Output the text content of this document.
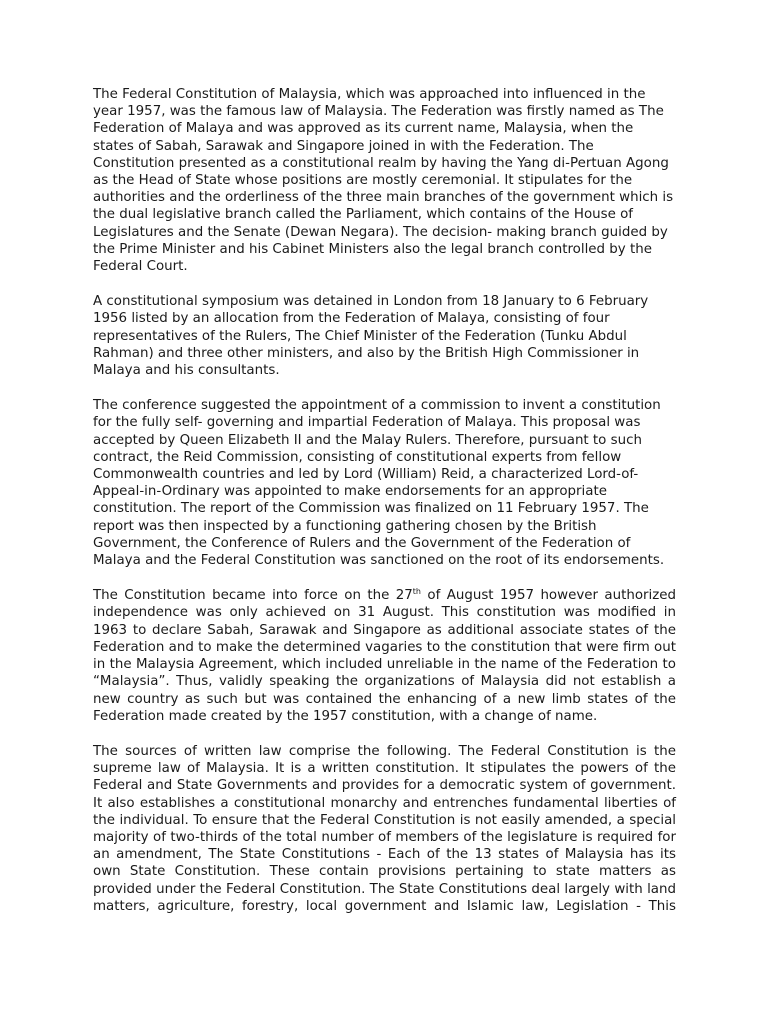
The Federal Constitution of Malaysia, which was approached into influenced in the year 1957, was the famous law of Malaysia. The Federation was firstly named as The Federation of Malaya and was approved as its current name, Malaysia, when the states of Sabah, Sarawak and Singapore joined in with the Federation. The Constitution presented as a constitutional realm by having the Yang di-Pertuan Agong as the Head of State whose positions are mostly ceremonial. It stipulates for the authorities and the orderliness of the three main branches of the government which is the dual legislative branch called the Parliament, which contains of the House of Legislatures and the Senate (Dewan Negara). The decision- making branch guided by the Prime Minister and his Cabinet Ministers also the legal branch controlled by the Federal Court.

A constitutional symposium was detained in London from 18 January to 6 February 1956 listed by an allocation from the Federation of Malaya, consisting of four representatives of the Rulers, The Chief Minister of the Federation (Tunku Abdul Rahman) and three other ministers, and also by the British High Commissioner in Malaya and his consultants.

The conference suggested the appointment of a commission to invent a constitution for the fully self- governing and impartial Federation of Malaya. This proposal was accepted by Queen Elizabeth II and the Malay Rulers. Therefore, pursuant to such contract, the Reid Commission, consisting of constitutional experts from fellow Commonwealth countries and led by Lord (William) Reid, a characterized Lord-of-Appeal-in-Ordinary was appointed to make endorsements for an appropriate constitution. The report of the Commission was finalized on 11 February 1957. The report was then inspected by a functioning gathering chosen by the British Government, the Conference of Rulers and the Government of the Federation of Malaya and the Federal Constitution was sanctioned on the root of its endorsements.

The Constitution became into force on the 27th of August 1957 however authorized independence was only achieved on 31 August. This constitution was modified in 1963 to declare Sabah, Sarawak and Singapore as additional associate states of the Federation and to make the determined vagaries to the constitution that were firm out in the Malaysia Agreement, which included unreliable in the name of the Federation to “Malaysia”. Thus, validly speaking the organizations of Malaysia did not establish a new country as such but was contained the enhancing of a new limb states of the Federation made created by the 1957 constitution, with a change of name.

The sources of written law comprise the following. The Federal Constitution is the supreme law of Malaysia. It is a written constitution. It stipulates the powers of the Federal and State Governments and provides for a democratic system of government. It also establishes a constitutional monarchy and entrenches fundamental liberties of the individual. To ensure that the Federal Constitution is not easily amended, a special majority of two-thirds of the total number of members of the legislature is required for an amendment, The State Constitutions - Each of the 13 states of Malaysia has its own State Constitution. These contain provisions pertaining to state matters as provided under the Federal Constitution. The State Constitutions deal largely with land matters, agriculture, forestry, local government and Islamic law, Legislation - This
